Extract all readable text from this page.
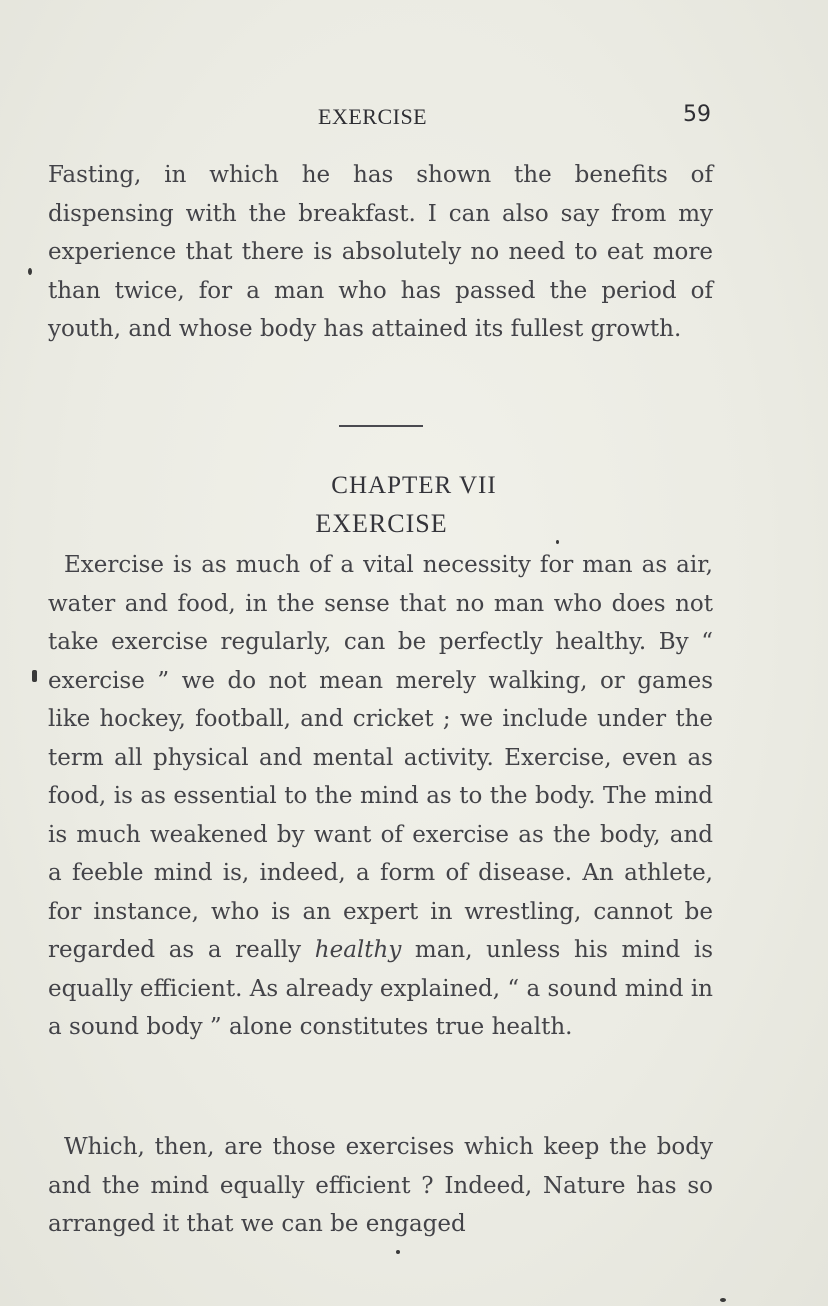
EXERCISE	59

Fasting, in which he has shown the benefits of dispensing with the breakfast. I can also say from my experience that there is absolutely no need to eat more than twice, for a man who has passed the period of youth, and whose body has attained its fullest growth.

CHAPTER VII
EXERCISE

Exercise is as much of a vital necessity for man as air, water and food, in the sense that no man who does not take exercise regularly, can be perfectly healthy. By “ exercise ” we do not mean merely walking, or games like hockey, football, and cricket ; we include under the term all physical and mental activity. Exercise, even as food, is as essential to the mind as to the body. The mind is much weakened by want of exercise as the body, and a feeble mind is, indeed, a form of disease. An athlete, for instance, who is an expert in wrestling, cannot be regarded as a really healthy man, unless his mind is equally efficient. As already explained, “ a sound mind in a sound body ” alone constitutes true health.

Which, then, are those exercises which keep the body and the mind equally efficient ? Indeed, Nature has so arranged it that we can be engaged
